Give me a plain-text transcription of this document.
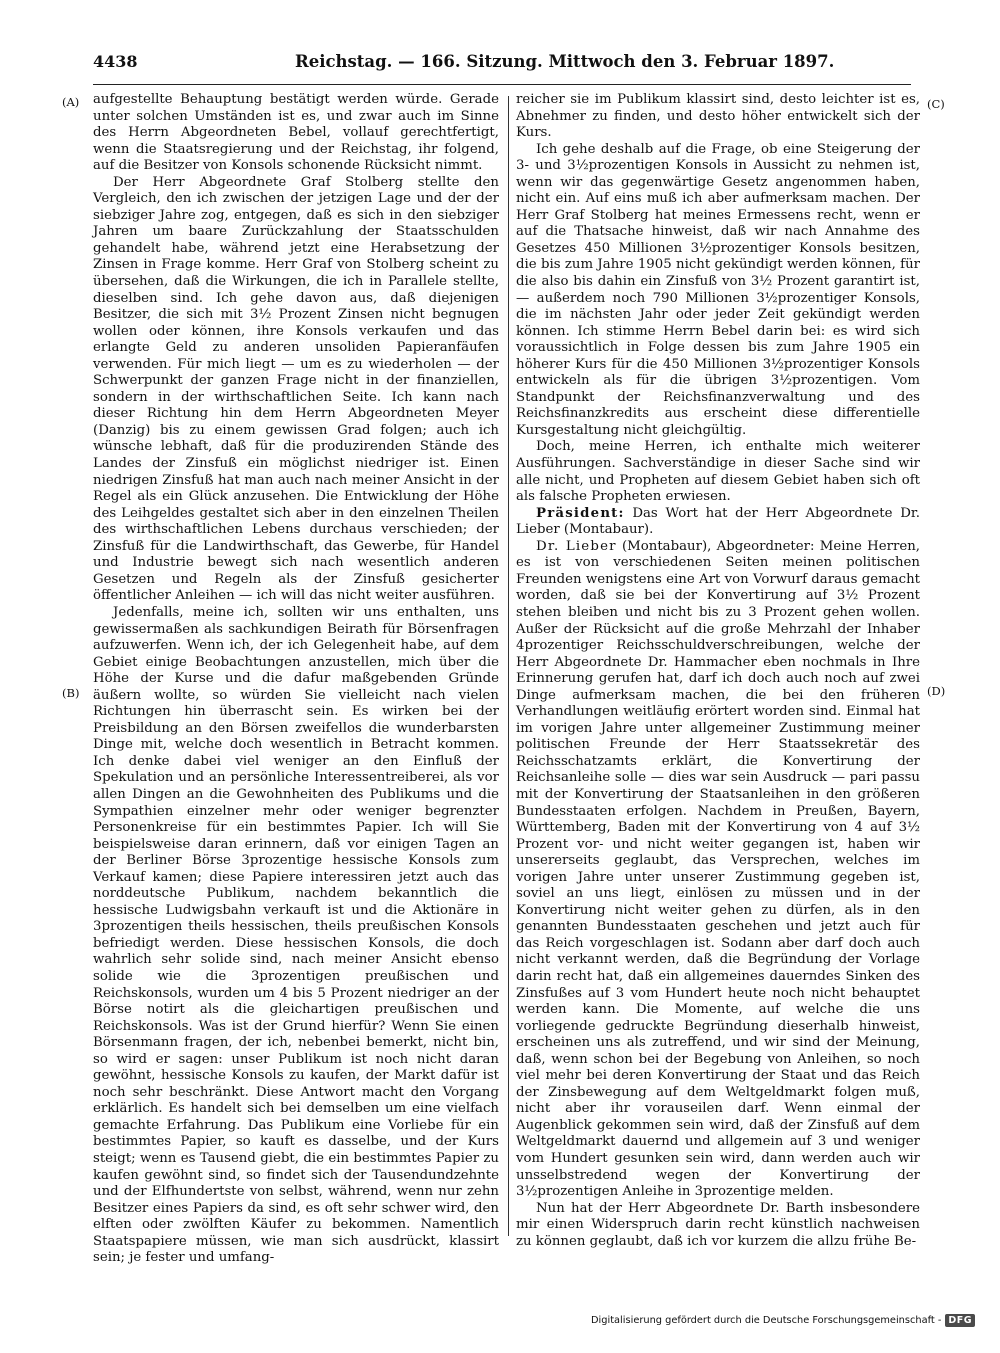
4438	Reichstag. — 166. Sitzung. Mittwoch den 3. Februar 1897.
(A)
(B)
(C)
(D)

aufgestellte Behauptung bestätigt werden würde. Gerade unter solchen Umständen ist es, und zwar auch im Sinne des Herrn Abgeordneten Bebel, vollauf gerechtfertigt, wenn die Staatsregierung und der Reichstag, ihr folgend, auf die Besitzer von Konsols schonende Rücksicht nimmt.

Der Herr Abgeordnete Graf Stolberg stellte den Vergleich, den ich zwischen der jetzigen Lage und der der siebziger Jahre zog, entgegen, daß es sich in den siebziger Jahren um baare Zurückzahlung der Staatsschulden gehandelt habe, während jetzt eine Herabsetzung der Zinsen in Frage komme. Herr Graf von Stolberg scheint zu übersehen, daß die Wirkungen, die ich in Parallele stellte, dieselben sind. Ich gehe davon aus, daß diejenigen Besitzer, die sich mit 3½ Prozent Zinsen nicht begnugen wollen oder können, ihre Konsols verkaufen und das erlangte Geld zu anderen unsoliden Papieranfäufen verwenden. Für mich liegt — um es zu wiederholen — der Schwerpunkt der ganzen Frage nicht in der finanziellen, sondern in der wirthschaftlichen Seite. Ich kann nach dieser Richtung hin dem Herrn Abgeordneten Meyer (Danzig) bis zu einem gewissen Grad folgen; auch ich wünsche lebhaft, daß für die produzirenden Stände des Landes der Zinsfuß ein möglichst niedriger ist. Einen niedrigen Zinsfuß hat man auch nach meiner Ansicht in der Regel als ein Glück anzusehen. Die Entwicklung der Höhe des Leihgeldes gestaltet sich aber in den einzelnen Theilen des wirthschaftlichen Lebens durchaus verschieden; der Zinsfuß für die Landwirthschaft, das Gewerbe, für Handel und Industrie bewegt sich nach wesentlich anderen Gesetzen und Regeln als der Zinsfuß gesicherter öffentlicher Anleihen — ich will das nicht weiter ausführen.

Jedenfalls, meine ich, sollten wir uns enthalten, uns gewissermaßen als sachkundigen Beirath für Börsenfragen aufzuwerfen. Wenn ich, der ich Gelegenheit habe, auf dem Gebiet einige Beobachtungen anzustellen, mich über die Höhe der Kurse und die dafur maßgebenden Gründe äußern wollte, so würden Sie vielleicht nach vielen Richtungen hin überrascht sein. Es wirken bei der Preisbildung an den Börsen zweifellos die wunderbarsten Dinge mit, welche doch wesentlich in Betracht kommen. Ich denke dabei viel weniger an den Einfluß der Spekulation und an persönliche Interessentreiberei, als vor allen Dingen an die Gewohnheiten des Publikums und die Sympathien einzelner mehr oder weniger begrenzter Personenkreise für ein bestimmtes Papier. Ich will Sie beispielsweise daran erinnern, daß vor einigen Tagen an der Berliner Börse 3prozentige hessische Konsols zum Verkauf kamen; diese Papiere interessiren jetzt auch das norddeutsche Publikum, nachdem bekanntlich die hessische Ludwigsbahn verkauft ist und die Aktionäre in 3prozentigen theils hessischen, theils preußischen Konsols befriedigt werden. Diese hessischen Konsols, die doch wahrlich sehr solide sind, nach meiner Ansicht ebenso solide wie die 3prozentigen preußischen und Reichskonsols, wurden um 4 bis 5 Prozent niedriger an der Börse notirt als die gleichartigen preußischen und Reichskonsols. Was ist der Grund hierfür? Wenn Sie einen Börsenmann fragen, der ich, nebenbei bemerkt, nicht bin, so wird er sagen: unser Publikum ist noch nicht daran gewöhnt, hessische Konsols zu kaufen, der Markt dafür ist noch sehr beschränkt. Diese Antwort macht den Vorgang erklärlich. Es handelt sich bei demselben um eine vielfach gemachte Erfahrung. Das Publikum eine Vorliebe für ein bestimmtes Papier, so kauft es dasselbe, und der Kurs steigt; wenn es Tausend giebt, die ein bestimmtes Papier zu kaufen gewöhnt sind, so findet sich der Tausendundzehnte und der Elfhundertste von selbst, während, wenn nur zehn Besitzer eines Papiers da sind, es oft sehr schwer wird, den elften oder zwölften Käufer zu bekommen. Namentlich Staatspapiere müssen, wie man sich ausdrückt, klassirt sein; je fester und umfang-

reicher sie im Publikum klassirt sind, desto leichter ist es, Abnehmer zu finden, und desto höher entwickelt sich der Kurs.

Ich gehe deshalb auf die Frage, ob eine Steigerung der 3- und 3½prozentigen Konsols in Aussicht zu nehmen ist, wenn wir das gegenwärtige Gesetz angenommen haben, nicht ein. Auf eins muß ich aber aufmerksam machen. Der Herr Graf Stolberg hat meines Ermessens recht, wenn er auf die Thatsache hinweist, daß wir nach Annahme des Gesetzes 450 Millionen 3½prozentiger Konsols besitzen, die bis zum Jahre 1905 nicht gekündigt werden können, für die also bis dahin ein Zinsfuß von 3½ Prozent garantirt ist, — außerdem noch 790 Millionen 3½prozentiger Konsols, die im nächsten Jahr oder jeder Zeit gekündigt werden können. Ich stimme Herrn Bebel darin bei: es wird sich voraussichtlich in Folge dessen bis zum Jahre 1905 ein höherer Kurs für die 450 Millionen 3½prozentiger Konsols entwickeln als für die übrigen 3½prozentigen. Vom Standpunkt der Reichsfinanzverwaltung und des Reichsfinanzkredits aus erscheint diese differentielle Kursgestaltung nicht gleichgültig.

Doch, meine Herren, ich enthalte mich weiterer Ausführungen. Sachverständige in dieser Sache sind wir alle nicht, und Propheten auf diesem Gebiet haben sich oft als falsche Propheten erwiesen.

Präsident: Das Wort hat der Herr Abgeordnete Dr. Lieber (Montabaur).

Dr. Lieber (Montabaur), Abgeordneter: Meine Herren, es ist von verschiedenen Seiten meinen politischen Freunden wenigstens eine Art von Vorwurf daraus gemacht worden, daß sie bei der Konvertirung auf 3½ Prozent stehen bleiben und nicht bis zu 3 Prozent gehen wollen. Außer der Rücksicht auf die große Mehrzahl der Inhaber 4prozentiger Reichsschuldverschreibungen, welche der Herr Abgeordnete Dr. Hammacher eben nochmals in Ihre Erinnerung gerufen hat, darf ich doch auch noch auf zwei Dinge aufmerksam machen, die bei den früheren Verhandlungen weitläufig erörtert worden sind. Einmal hat im vorigen Jahre unter allgemeiner Zustimmung meiner politischen Freunde der Herr Staatssekretär des Reichsschatzamts erklärt, die Konvertirung der Reichsanleihe solle — dies war sein Ausdruck — pari passu mit der Konvertirung der Staatsanleihen in den größeren Bundesstaaten erfolgen. Nachdem in Preußen, Bayern, Württemberg, Baden mit der Konvertirung von 4 auf 3½ Prozent vor- und nicht weiter gegangen ist, haben wir unsererseits geglaubt, das Versprechen, welches im vorigen Jahre unter unserer Zustimmung gegeben ist, soviel an uns liegt, einlösen zu müssen und in der Konvertirung nicht weiter gehen zu dürfen, als in den genannten Bundesstaaten geschehen und jetzt auch für das Reich vorgeschlagen ist. Sodann aber darf doch auch nicht verkannt werden, daß die Begründung der Vorlage darin recht hat, daß ein allgemeines dauerndes Sinken des Zinsfußes auf 3 vom Hundert heute noch nicht behauptet werden kann. Die Momente, auf welche die uns vorliegende gedruckte Begründung dieserhalb hinweist, erscheinen uns als zutreffend, und wir sind der Meinung, daß, wenn schon bei der Begebung von Anleihen, so noch viel mehr bei deren Konvertirung der Staat und das Reich der Zinsbewegung auf dem Weltgeldmarkt folgen muß, nicht aber ihr vorauseilen darf. Wenn einmal der Augenblick gekommen sein wird, daß der Zinsfuß auf dem Weltgeldmarkt dauernd und allgemein auf 3 und weniger vom Hundert gesunken sein wird, dann werden auch wir unsselbstredend wegen der Konvertirung der 3½prozentigen Anleihe in 3prozentige melden.

Nun hat der Herr Abgeordnete Dr. Barth insbesondere mir einen Widerspruch darin recht künstlich nachweisen zu können geglaubt, daß ich vor kurzem die allzu frühe Be-

Digitalisierung gefördert durch die Deutsche Forschungsgemeinschaft - DFG
